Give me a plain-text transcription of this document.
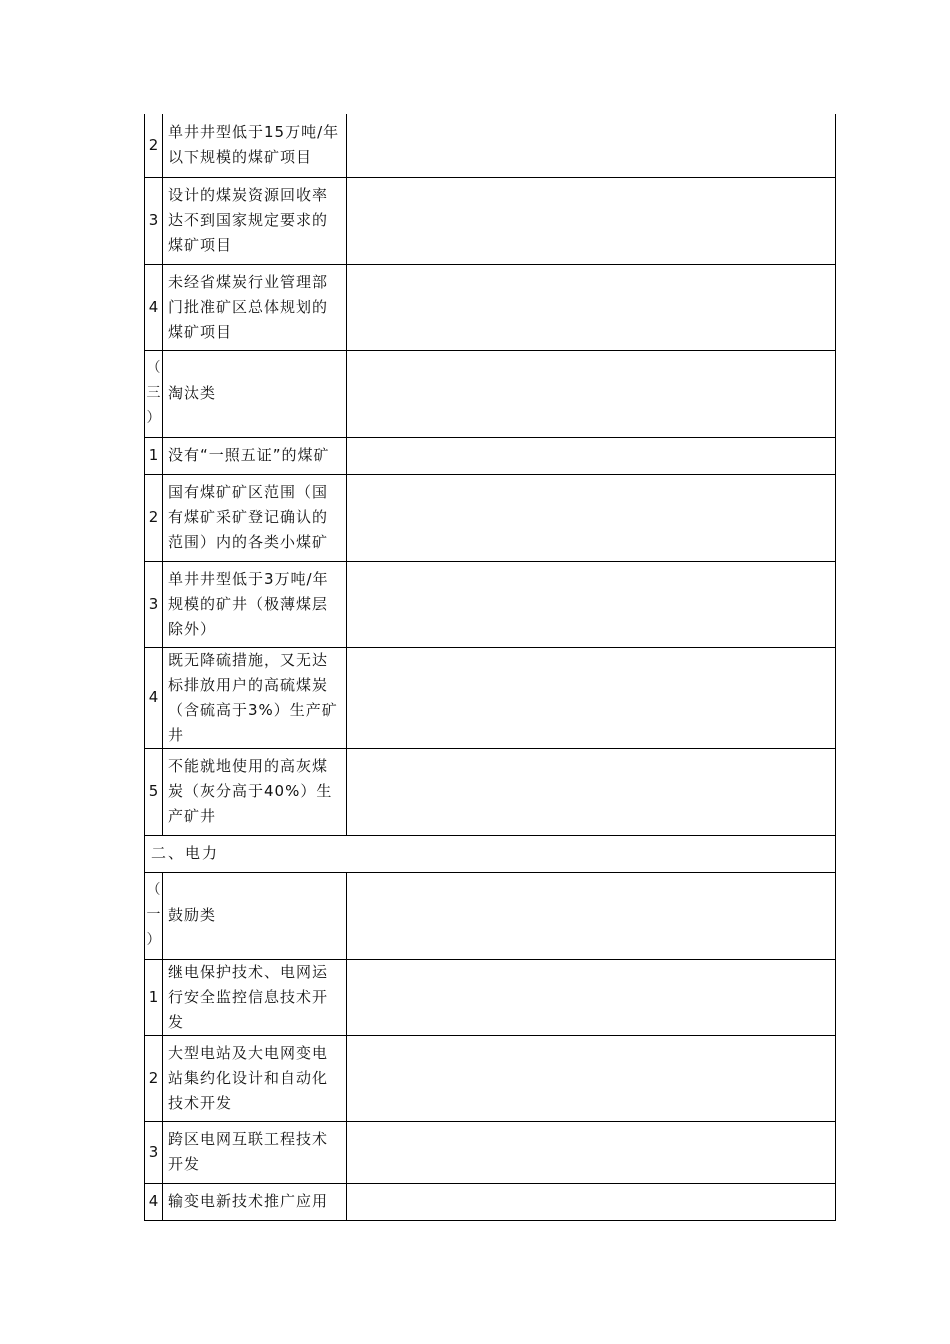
2	单井井型低于15万吨/年以下规模的煤矿项目	
3	设计的煤炭资源回收率达不到国家规定要求的煤矿项目	
4	未经省煤炭行业管理部门批准矿区总体规划的煤矿项目	

（
三
）	淘汰类	
1	没有“一照五证”的煤矿	
2	国有煤矿矿区范围（国有煤矿采矿登记确认的范围）内的各类小煤矿	
3	单井井型低于3万吨/年规模的矿井（极薄煤层除外）	
4	既无降硫措施，又无达标排放用户的高硫煤炭（含硫高于3%）生产矿井	
5	不能就地使用的高灰煤炭（灰分高于40%）生产矿井	
二、电力		

（
一
）	鼓励类	
1	继电保护技术、电网运行安全监控信息技术开发	
2	大型电站及大电网变电站集约化设计和自动化技术开发	
3	跨区电网互联工程技术开发	
4	输变电新技术推广应用	
